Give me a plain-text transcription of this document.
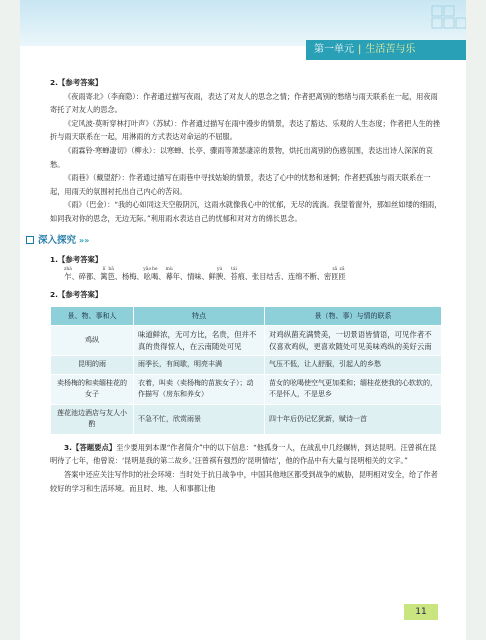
第一单元 | 生活苦与乐

2.【参考答案】

《夜雨寄北》（李商隐）：作者通过描写夜雨，表达了对友人的思念之情；作者把离别的愁绪与雨天联系在一起，用夜雨寄托了对友人的思念。

《定风波·莫听穿林打叶声》（苏轼）：作者通过描写在雨中漫步的情景，表达了豁达、乐观的人生态度；作者把人生的挫折与雨天联系在一起，用淋雨的方式表达对命运的不屈服。

《雨霖铃·寒蝉凄切》（柳永）：以寒蝉、长亭、骤雨等萧瑟凄凉的景物，烘托出离别的伤感氛围，表达出诗人深深的哀愁。

《雨巷》（戴望舒）：作者通过描写在雨巷中寻找姑娘的情景，表达了心中的忧愁和迷惘；作者把孤独与雨天联系在一起，用雨天的氛围衬托出自己内心的苦闷。

《雨》（巴金）：“我的心如同这天空般阴沉，这雨水就像我心中的忧郁，无尽的流淌。我望着窗外，那如丝如缕的细雨，如同我对你的思念，无边无际。”利用雨水表达自己的忧郁和对对方的绵长思念。

深入探究 »»

1.【参考答案】

乍zhà、碎都、篱lí笆bā、杨梅、吆yāo喝he、幕mù年、情味、鲜腴yú、苔tái痕、张目结舌、连绵不断、密匝zā匝zā

2.【参考答案】

景、物、事和人	特点	景（物、事）与情的联系
鸡纵	味道鲜浓，无可方比，名贵，但并不真的贵得惊人，在云南随处可见	对鸡纵菌充满赞美，一切景语皆情语，可见作者不仅喜欢鸡纵，更喜欢随处可见美味鸡纵的美好云南
昆明的雨	雨季长，有间歇，明亮丰满	气压不低，让人舒服，引起人的乡愁
卖杨梅的和卖缅桂花的女子	衣着，叫卖（卖杨梅的苗族女子）；动作描写（房东和养女）	苗女的吆喝使空气更加柔和；缅桂花使我的心软软的，不是怀人，不是思乡
莲花池边酒店与友人小酌	不急不忙，欣赏雨景	四十年后仍记忆犹新，赋诗一首

3.【答题要点】至少要用到本课“作者简介”中的以下信息：“他孤身一人，在战乱中几经辗转，到达昆明。汪曾祺在昆明待了七年，他曾说：‘昆明是我的第二故乡。’汪曾祺有强烈的‘昆明情结’，他的作品中有大量与昆明相关的文字。”

答案中还应关注写作时的社会环境：当时处于抗日战争中，中国其他地区都受到战争的威胁，昆明相对安全，给了作者较好的学习和生活环境。而且时、地、人和事都让他

11
